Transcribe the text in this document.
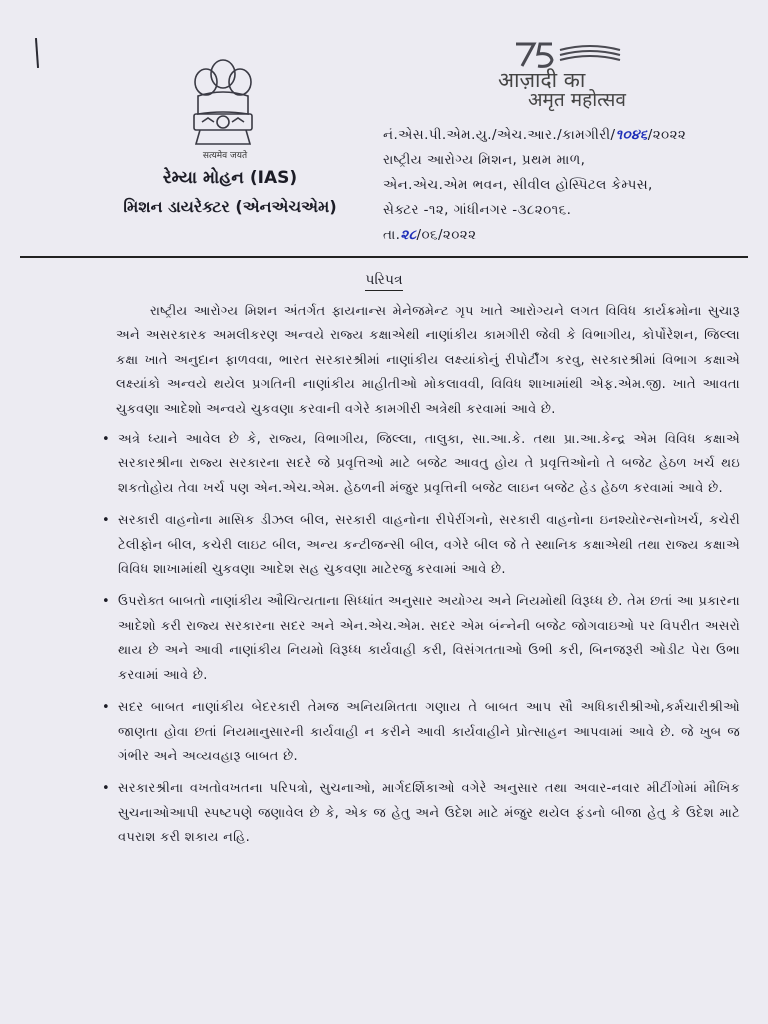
सत्यमेव जयते
રેમ્યા મોહન (IAS)
મિશન ડાયરેક્ટર (એનએચએમ)
आज़ादी का
अमृत महोत्सव
નં.એસ.પી.એમ.યુ./એચ.આર./કામગીરી/૧૦૪૬/૨૦૨૨
રાષ્ટ્રીય આરોગ્ય મિશન, પ્રથમ માળ,
એન.એચ.એમ ભવન, સીવીલ હોસ્પિટલ કેમ્પસ,
સેક્ટર -૧૨, ગાંધીનગર -૩૮૨૦૧૬.
તા.૨૮/૦૬/૨૦૨૨
પરિપત્ર

રાષ્ટ્રીય આરોગ્ય મિશન અંતર્ગત ફાયનાન્સ મેનેજમેન્ટ ગૃપ ખાતે આરોગ્યને લગત વિવિધ કાર્યક્રમોના સુચારૂ અને અસરકારક અમલીકરણ અન્વયે રાજ્ય કક્ષાએથી નાણાંકીય કામગીરી જેવી કે વિભાગીય, કોર્પોરેશન, જિલ્લા કક્ષા ખાતે અનુદાન ફાળવવા, ભારત સરકારશ્રીમાં નાણાંકીય લક્ષ્યાંકોનું રીપોર્ટીંગ કરવુ, સરકારશ્રીમાં વિભાગ કક્ષાએ લક્ષ્યાંકો અન્વયે થયેલ પ્રગતિની નાણાંકીય માહીતીઓ મોકલાવવી, વિવિધ શાખામાંથી એફ.એમ.જી. ખાતે આવતા ચુકવણા આદેશો અન્વયે ચુકવણા કરવાની વગેરે કામગીરી અત્રેથી કરવામાં આવે છે.

• અત્રે ધ્યાને આવેલ છે કે, રાજ્ય, વિભાગીય, જિલ્લા, તાલુકા, સા.આ.કે. તથા પ્રા.આ.કેન્દ્ર એમ વિવિધ કક્ષાએ સરકારશ્રીના રાજ્ય સરકારના સદરે જે પ્રવૃત્તિઓ માટે બજેટ આવતુ હોય તે પ્રવૃત્તિઓનો તે બજેટ હેઠળ ખર્ચ થઇ શકતોહોય તેવા ખર્ચ પણ એન.એચ.એમ. હેઠળની મંજુર પ્રવૃત્તિની બજેટ લાઇન બજેટ હેડ હેઠળ કરવામાં આવે છે.
• સરકારી વાહનોના માસિક ડીઝલ બીલ, સરકારી વાહનોના રીપેરીંગનો, સરકારી વાહનોના ઇનશ્યોરન્સનોખર્ચ, કચેરી ટેલીફોન બીલ, કચેરી લાઇટ બીલ, અન્ય કન્ટીજન્સી બીલ, વગેરે બીલ જે તે સ્થાનિક કક્ષાએથી તથા રાજ્ય કક્ષાએ વિવિધ શાખામાંથી ચુકવણા આદેશ સહ ચુકવણા માટેરજુ કરવામાં આવે છે.
• ઉપરોક્ત બાબતો નાણાંકીય ઔચિત્યતાના સિધ્ધાંત અનુસાર અયોગ્ય અને નિયમોથી વિરૂધ્ધ છે. તેમ છતાં આ પ્રકારના આદેશો કરી રાજ્ય સરકારના સદર અને એન.એચ.એમ. સદર એમ બંન્નેની બજેટ જોગવાઇઓ પર વિપરીત અસરો થાય છે અને આવી નાણાંકીય નિયમો વિરૂધ્ધ કાર્યવાહી કરી, વિસંગતતાઓ ઉભી કરી, બિનજરૂરી ઓડીટ પેરા ઉભા કરવામાં આવે છે.
• સદર બાબત નાણાંકીય બેદરકારી તેમજ અનિયમિતતા ગણાય તે બાબત આપ સૌ અધિકારીશ્રીઓ,કર્મચારીશ્રીઓ જાણતા હોવા છતાં નિયમાનુસારની કાર્યવાહી ન કરીને આવી કાર્યવાહીને પ્રોત્સાહન આપવામાં આવે છે. જે ખુબ જ ગંભીર અને અવ્યવહારૂ બાબત છે.
• સરકારશ્રીના વખતોવખતના પરિપત્રો, સુચનાઓ, માર્ગદર્શિકાઓ વગેરે અનુસાર તથા અવાર-નવાર મીટીંગોમાં મૌખિક સુચનાઓઆપી સ્પષ્ટપણે જણાવેલ છે કે, એક જ હેતુ અને ઉદેશ માટે મંજુર થયેલ ફંડનો બીજા હેતુ કે ઉદેશ માટે વપરાશ કરી શકાય નહિ.
